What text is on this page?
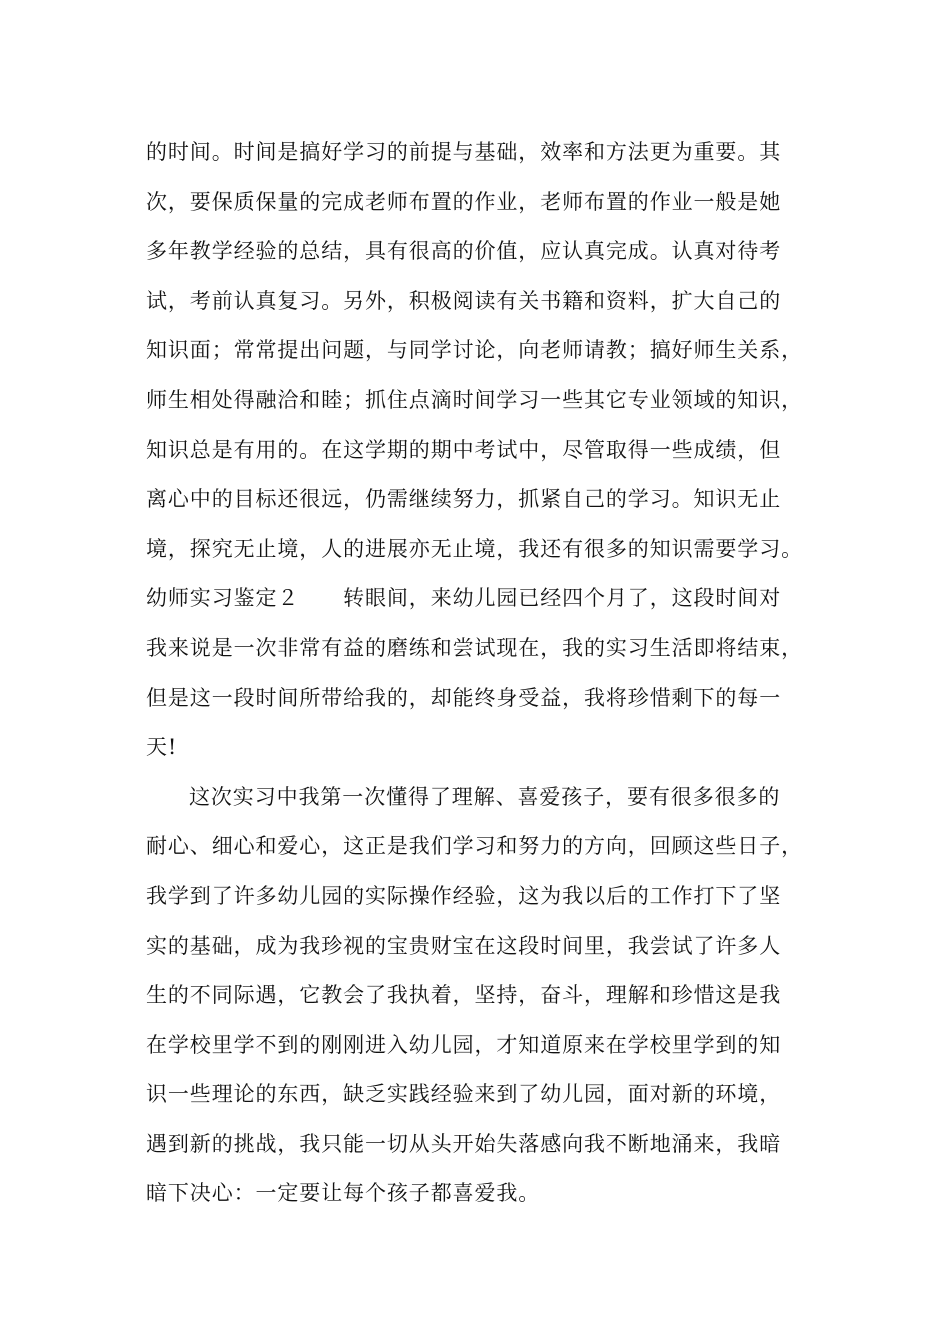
的时间。时间是搞好学习的前提与基础，效率和方法更为重要。其
次，要保质保量的完成老师布置的作业，老师布置的作业一般是她
多年教学经验的总结，具有很高的价值，应认真完成。认真对待考
试，考前认真复习。另外，积极阅读有关书籍和资料，扩大自己的
知识面；常常提出问题，与同学讨论，向老师请教；搞好师生关系，
师生相处得融洽和睦；抓住点滴时间学习一些其它专业领域的知识，
知识总是有用的。在这学期的期中考试中，尽管取得一些成绩，但
离心中的目标还很远，仍需继续努力，抓紧自己的学习。知识无止
境，探究无止境，人的进展亦无止境，我还有很多的知识需要学习。
幼师实习鉴定２　　转眼间，来幼儿园已经四个月了，这段时间对
我来说是一次非常有益的磨练和尝试现在，我的实习生活即将结束，
但是这一段时间所带给我的，却能终身受益，我将珍惜剩下的每一
天!
这次实习中我第一次懂得了理解、喜爱孩子，要有很多很多的
耐心、细心和爱心，这正是我们学习和努力的方向，回顾这些日子，
我学到了许多幼儿园的实际操作经验，这为我以后的工作打下了坚
实的基础，成为我珍视的宝贵财宝在这段时间里，我尝试了许多人
生的不同际遇，它教会了我执着，坚持，奋斗，理解和珍惜这是我
在学校里学不到的刚刚进入幼儿园，才知道原来在学校里学到的知
识一些理论的东西，缺乏实践经验来到了幼儿园，面对新的环境，
遇到新的挑战，我只能一切从头开始失落感向我不断地涌来，我暗
暗下决心：一定要让每个孩子都喜爱我。
